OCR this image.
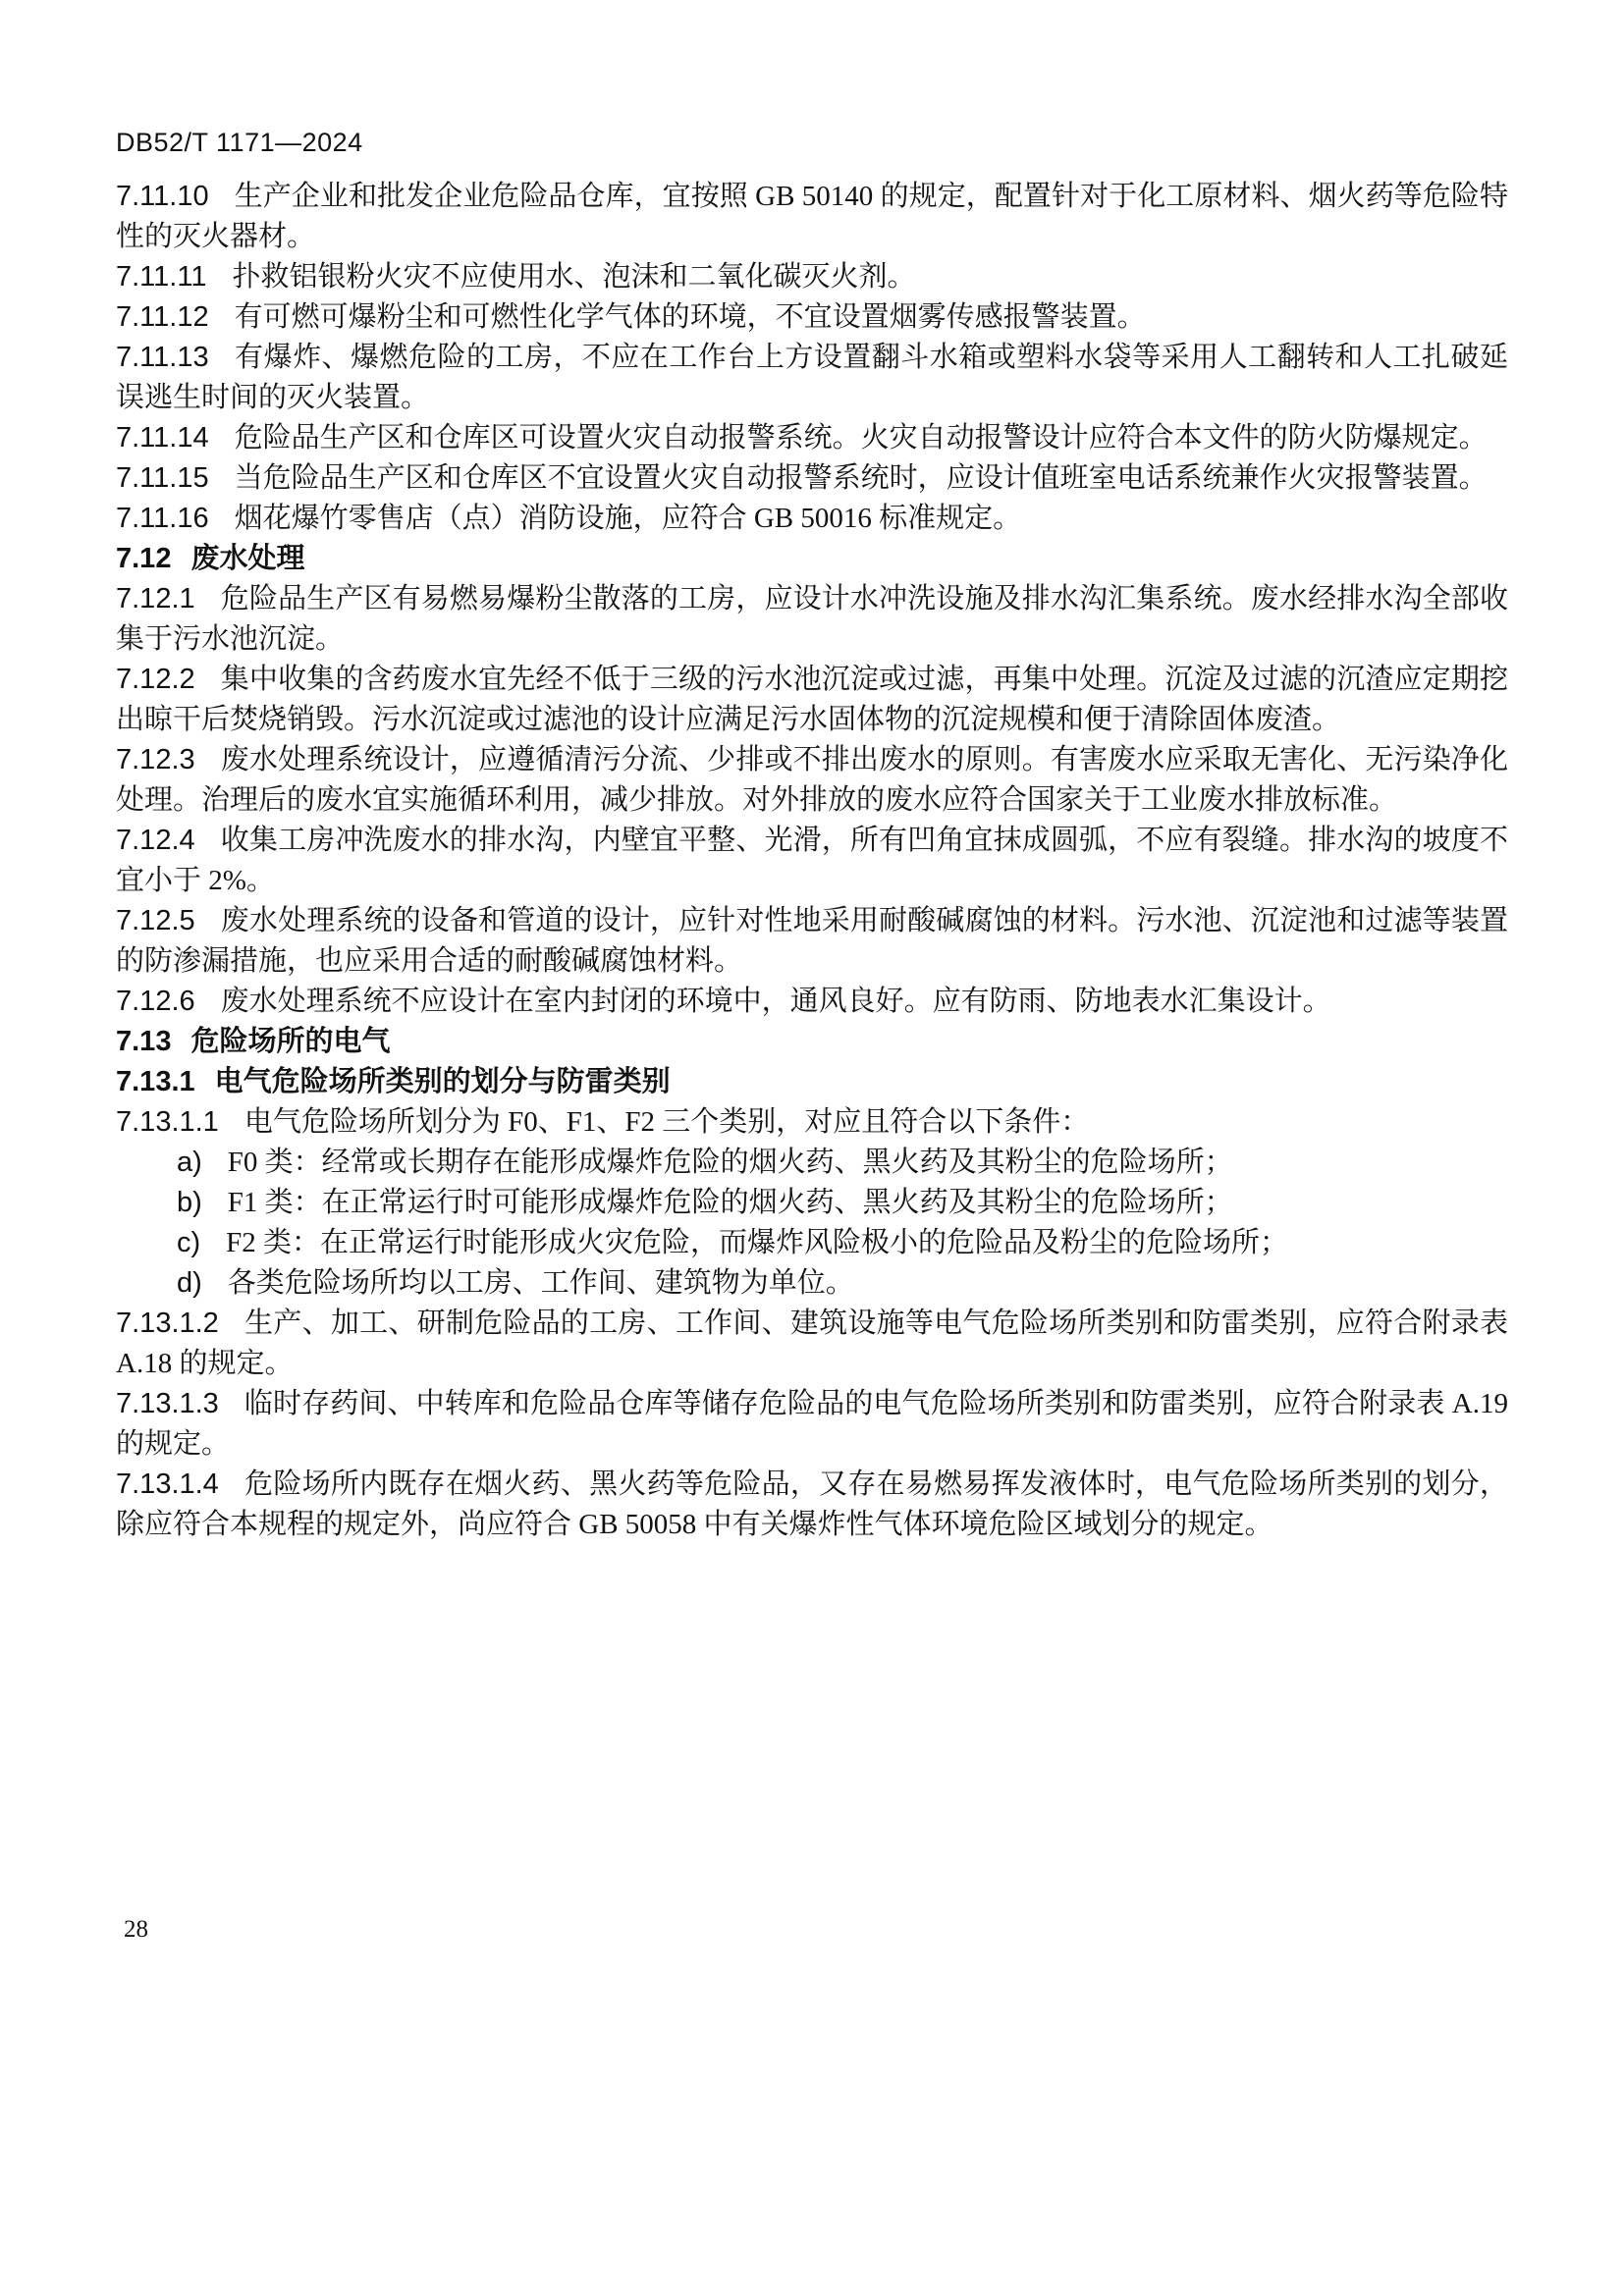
DB52/T 1171—2024

7.11.10 生产企业和批发企业危险品仓库，宜按照 GB 50140 的规定，配置针对于化工原材料、烟火药等危险特性的灭火器材。

7.11.11 扑救铝银粉火灾不应使用水、泡沫和二氧化碳灭火剂。

7.11.12 有可燃可爆粉尘和可燃性化学气体的环境，不宜设置烟雾传感报警装置。

7.11.13 有爆炸、爆燃危险的工房，不应在工作台上方设置翻斗水箱或塑料水袋等采用人工翻转和人工扎破延误逃生时间的灭火装置。

7.11.14 危险品生产区和仓库区可设置火灾自动报警系统。火灾自动报警设计应符合本文件的防火防爆规定。

7.11.15 当危险品生产区和仓库区不宜设置火灾自动报警系统时，应设计值班室电话系统兼作火灾报警装置。

7.11.16 烟花爆竹零售店（点）消防设施，应符合 GB 50016 标准规定。

7.12 废水处理

7.12.1 危险品生产区有易燃易爆粉尘散落的工房，应设计水冲洗设施及排水沟汇集系统。废水经排水沟全部收集于污水池沉淀。

7.12.2 集中收集的含药废水宜先经不低于三级的污水池沉淀或过滤，再集中处理。沉淀及过滤的沉渣应定期挖出晾干后焚烧销毁。污水沉淀或过滤池的设计应满足污水固体物的沉淀规模和便于清除固体废渣。

7.12.3 废水处理系统设计，应遵循清污分流、少排或不排出废水的原则。有害废水应采取无害化、无污染净化处理。治理后的废水宜实施循环利用，减少排放。对外排放的废水应符合国家关于工业废水排放标准。

7.12.4 收集工房冲洗废水的排水沟，内壁宜平整、光滑，所有凹角宜抹成圆弧，不应有裂缝。排水沟的坡度不宜小于 2%。

7.12.5 废水处理系统的设备和管道的设计，应针对性地采用耐酸碱腐蚀的材料。污水池、沉淀池和过滤等装置的防渗漏措施，也应采用合适的耐酸碱腐蚀材料。

7.12.6 废水处理系统不应设计在室内封闭的环境中，通风良好。应有防雨、防地表水汇集设计。

7.13 危险场所的电气

7.13.1 电气危险场所类别的划分与防雷类别

7.13.1.1 电气危险场所划分为 F0、F1、F2 三个类别，对应且符合以下条件：

a) F0 类：经常或长期存在能形成爆炸危险的烟火药、黑火药及其粉尘的危险场所；

b) F1 类：在正常运行时可能形成爆炸危险的烟火药、黑火药及其粉尘的危险场所；

c) F2 类：在正常运行时能形成火灾危险，而爆炸风险极小的危险品及粉尘的危险场所；

d) 各类危险场所均以工房、工作间、建筑物为单位。

7.13.1.2 生产、加工、研制危险品的工房、工作间、建筑设施等电气危险场所类别和防雷类别，应符合附录表 A.18 的规定。

7.13.1.3 临时存药间、中转库和危险品仓库等储存危险品的电气危险场所类别和防雷类别，应符合附录表 A.19 的规定。

7.13.1.4 危险场所内既存在烟火药、黑火药等危险品，又存在易燃易挥发液体时，电气危险场所类别的划分，除应符合本规程的规定外，尚应符合 GB 50058 中有关爆炸性气体环境危险区域划分的规定。

28
